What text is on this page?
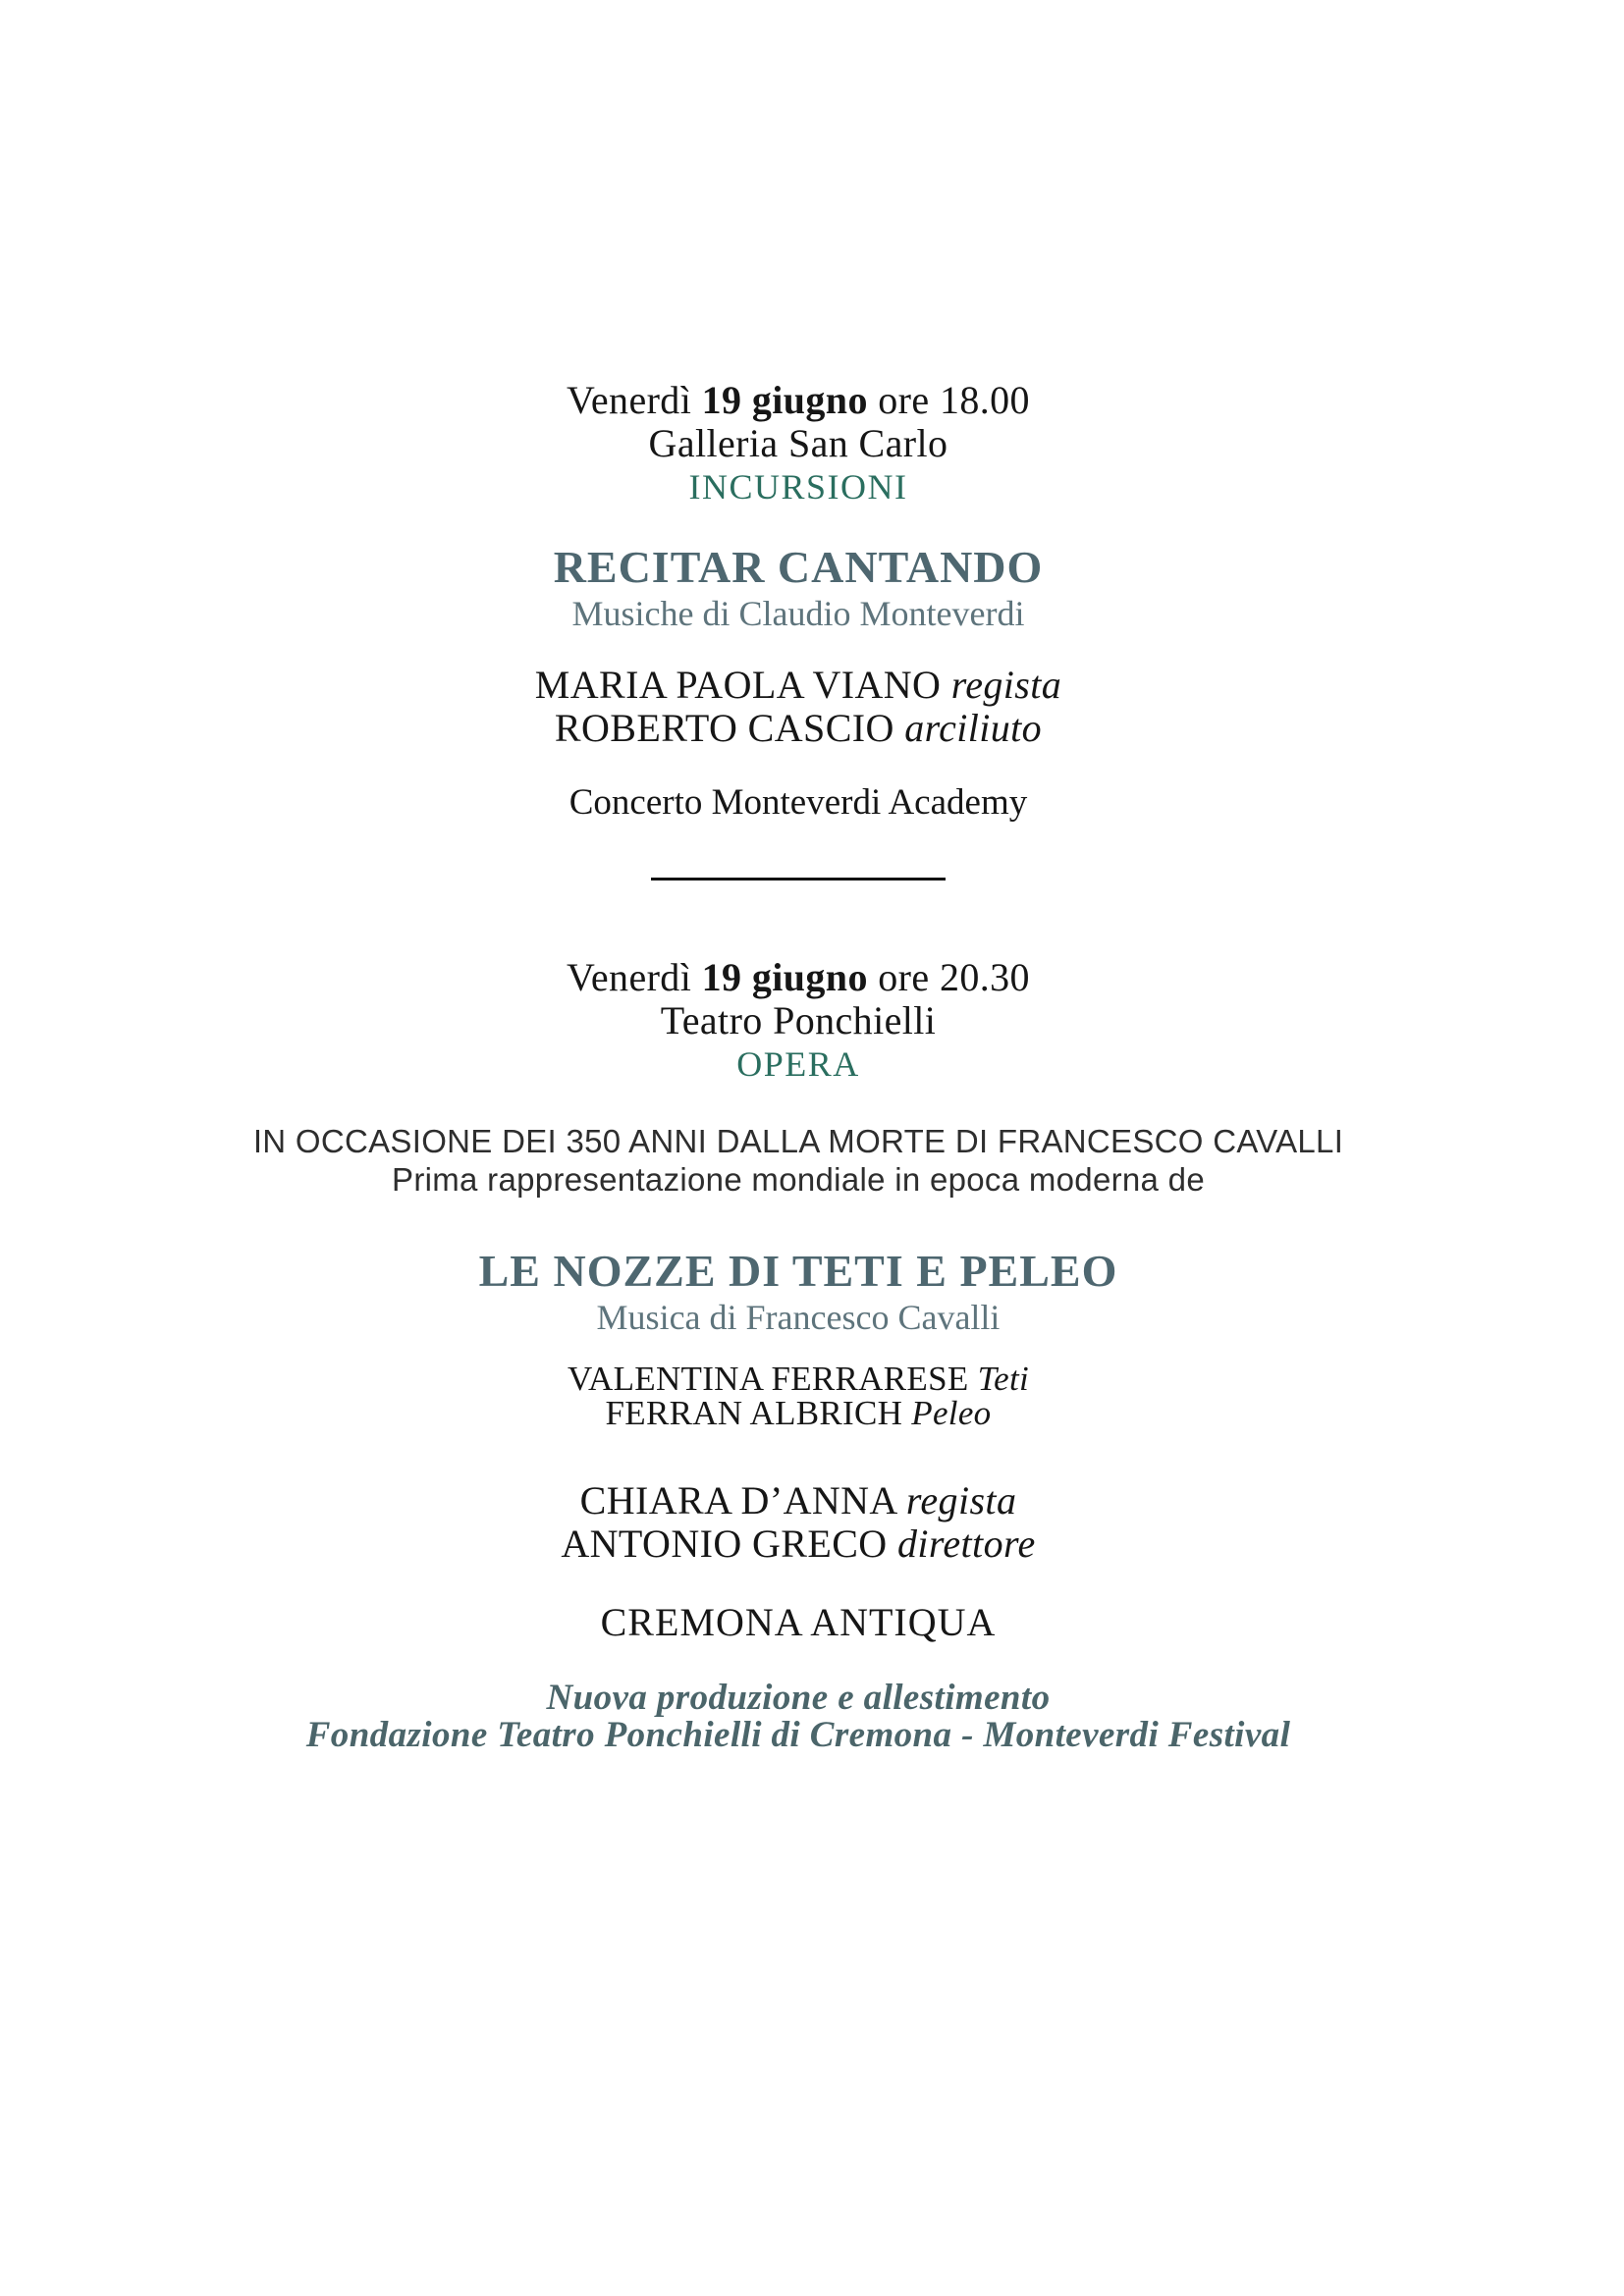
Venerdì 19 giugno ore 18.00

Galleria San Carlo

INCURSIONI

RECITAR CANTANDO

Musiche di Claudio Monteverdi

MARIA PAOLA VIANO regista

ROBERTO CASCIO arciliuto

Concerto Monteverdi Academy

Venerdì 19 giugno ore 20.30

Teatro Ponchielli

OPERA

IN OCCASIONE DEI 350 ANNI DALLA MORTE DI FRANCESCO CAVALLI

Prima rappresentazione mondiale in epoca moderna de

LE NOZZE DI TETI E PELEO

Musica di Francesco Cavalli

VALENTINA FERRARESE Teti

FERRAN ALBRICH Peleo

CHIARA D’ANNA regista

ANTONIO GRECO direttore

CREMONA ANTIQUA

Nuova produzione e allestimento

Fondazione Teatro Ponchielli di Cremona - Monteverdi Festival
